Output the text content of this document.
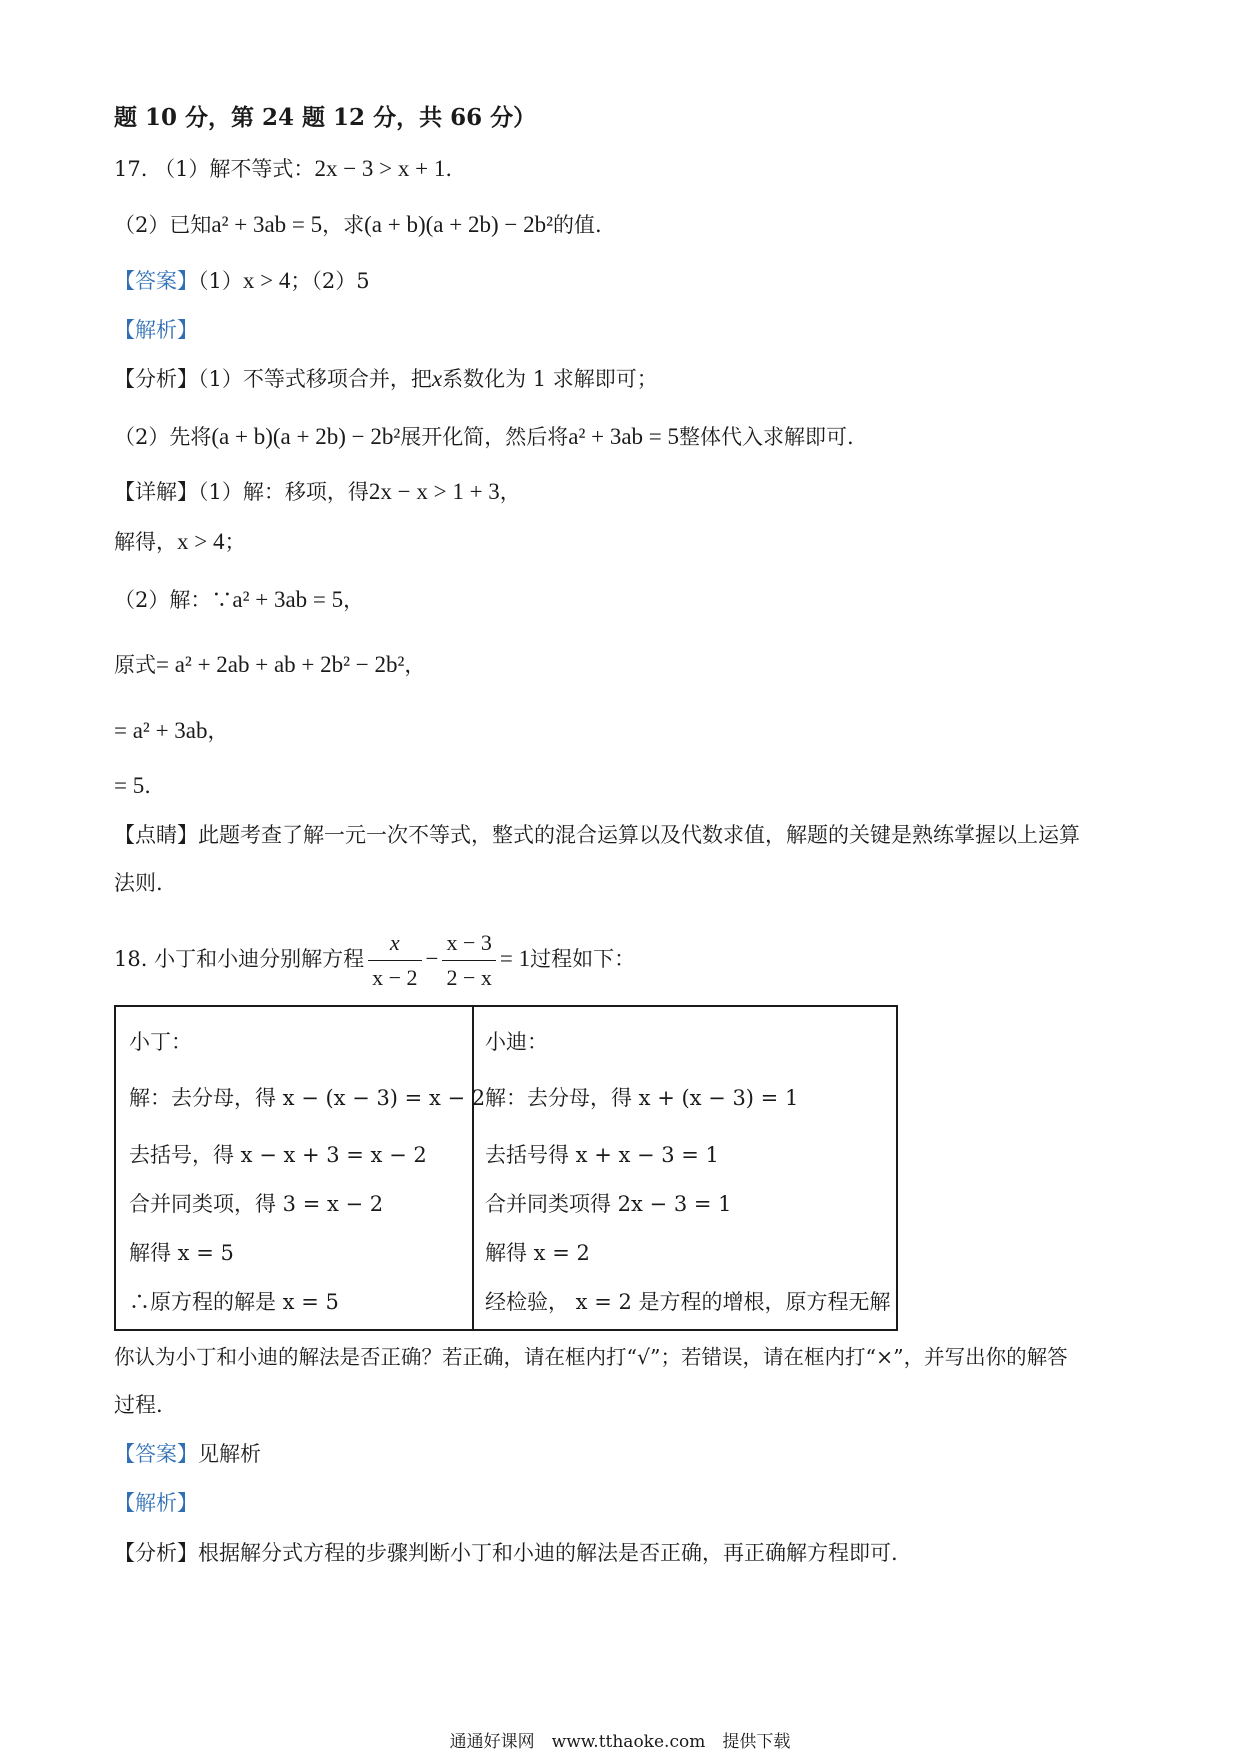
题 10 分，第 24 题 12 分，共 66 分）
17. （1）解不等式：2x − 3 > x + 1.
（2）已知a² + 3ab = 5，求(a + b)(a + 2b) − 2b²的值.
【答案】（1）x > 4；（2）5
【解析】
【分析】（1）不等式移项合并，把x系数化为 1 求解即可；
（2）先将(a + b)(a + 2b) − 2b²展开化简，然后将a² + 3ab = 5整体代入求解即可.
【详解】（1）解：移项，得2x − x > 1 + 3，
解得，x > 4；
（2）解：∵a² + 3ab = 5，
原式= a² + 2ab + ab + 2b² − 2b²，
= a² + 3ab，
= 5.
【点睛】此题考查了解一元一次不等式，整式的混合运算以及代数求值，解题的关键是熟练掌握以上运算
法则.
18. 小丁和小迪分别解方程 $\frac{x}{x - 2} - \frac{x - 3}{2 - x} = 1$过程如下：
小丁：
解：去分母，得 x − (x − 3) = x − 2
去括号，得 x − x + 3 = x − 2
合并同类项，得 3 = x − 2
解得 x = 5
∴原方程的解是 x = 5
小迪：
解：去分母，得 x + (x − 3) = 1
去括号得 x + x − 3 = 1
合并同类项得 2x − 3 = 1
解得 x = 2
经检验， x = 2 是方程的增根，原方程无解
你认为小丁和小迪的解法是否正确？若正确，请在框内打“√”；若错误，请在框内打“×”，并写出你的解答
过程.
【答案】见解析
【解析】
【分析】根据解分式方程的步骤判断小丁和小迪的解法是否正确，再正确解方程即可.
通通好课网　www.tthaoke.com　提供下载
